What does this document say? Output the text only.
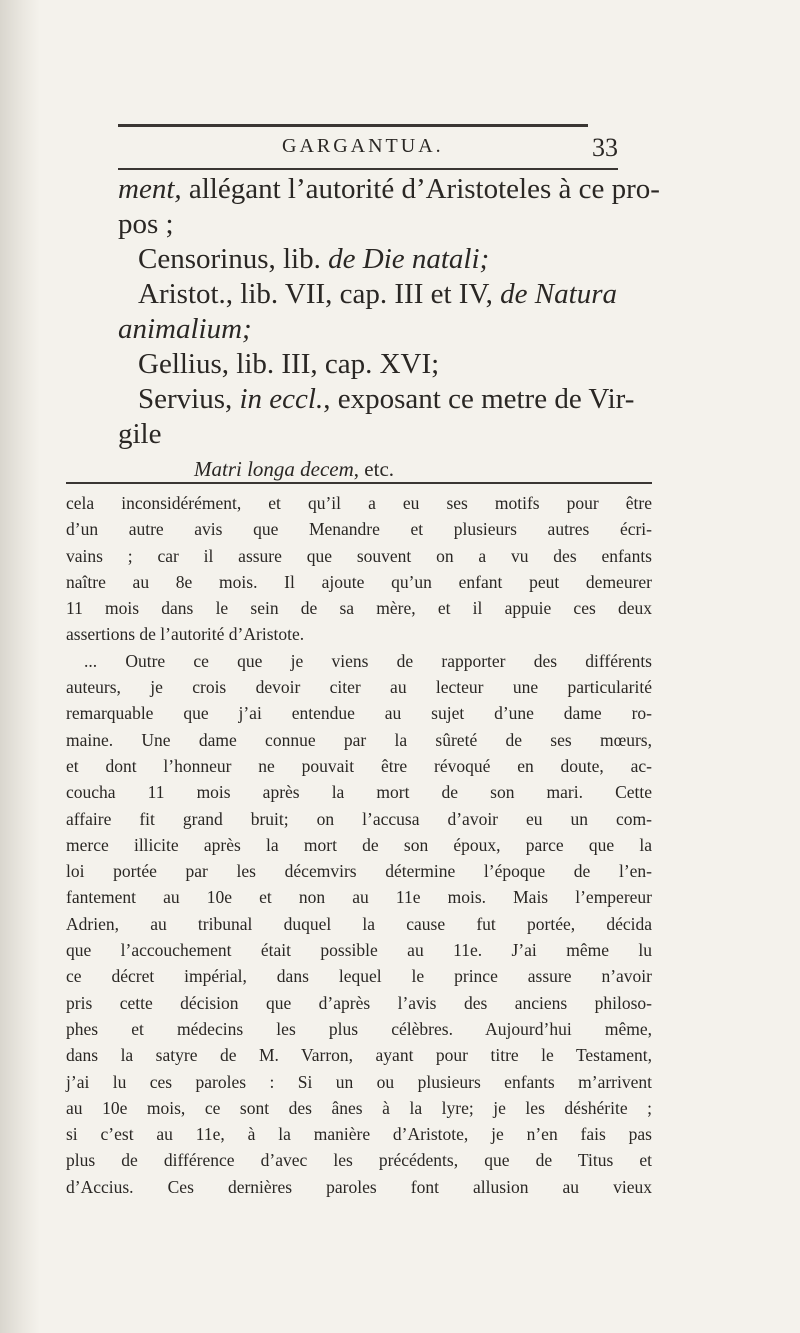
GARGANTUA.	33
ment, allégant l’autorité d’Aristoteles à ce pro-
pos ;
Censorinus, lib. de Die natali;
Aristot., lib. VII, cap. III et IV, de Natura
animalium;
Gellius, lib. III, cap. XVI;
Servius, in eccl., exposant ce metre de Vir-
gile
Matri longa decem, etc.

cela inconsidérément, et qu’il a eu ses motifs pour être
d’un autre avis que Menandre et plusieurs autres écri-
vains ; car il assure que souvent on a vu des enfants
naître au 8e mois. Il ajoute qu’un enfant peut demeurer
11 mois dans le sein de sa mère, et il appuie ces deux
assertions de l’autorité d’Aristote.

... Outre ce que je viens de rapporter des différents

auteurs, je crois devoir citer au lecteur une particularité
remarquable que j’ai entendue au sujet d’une dame ro-
maine. Une dame connue par la sûreté de ses mœurs,
et dont l’honneur ne pouvait être révoqué en doute, ac-
coucha 11 mois après la mort de son mari. Cette
affaire fit grand bruit; on l’accusa d’avoir eu un com-
merce illicite après la mort de son époux, parce que la
loi portée par les décemvirs détermine l’époque de l’en-
fantement au 10e et non au 11e mois. Mais l’empereur
Adrien, au tribunal duquel la cause fut portée, décida
que l’accouchement était possible au 11e. J’ai même lu
ce décret impérial, dans lequel le prince assure n’avoir
pris cette décision que d’après l’avis des anciens philoso-
phes et médecins les plus célèbres. Aujourd’hui même,
dans la satyre de M. Varron, ayant pour titre le Testament,
j’ai lu ces paroles : Si un ou plusieurs enfants m’arrivent
au 10e mois, ce sont des ânes à la lyre; je les déshérite ;
si c’est au 11e, à la manière d’Aristote, je n’en fais pas
plus de différence d’avec les précédents, que de Titus et
d’Accius. Ces dernières paroles font allusion au vieux
